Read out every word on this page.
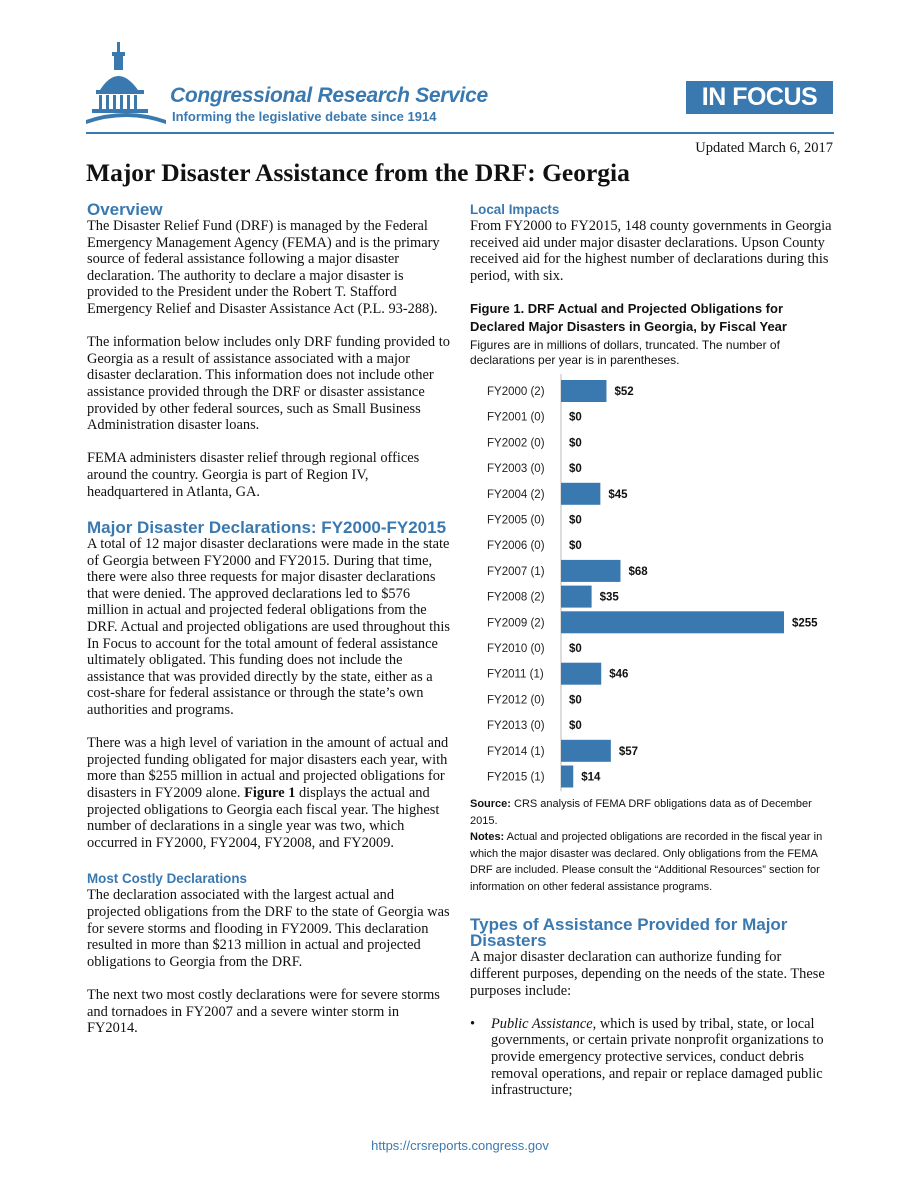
Congressional Research Service
Informing the legislative debate since 1914
IN FOCUS
Updated March 6, 2017
Major Disaster Assistance from the DRF: Georgia
Overview

The Disaster Relief Fund (DRF) is managed by the Federal Emergency Management Agency (FEMA) and is the primary source of federal assistance following a major disaster declaration. The authority to declare a major disaster is provided to the President under the Robert T. Stafford Emergency Relief and Disaster Assistance Act (P.L. 93-288).

The information below includes only DRF funding provided to Georgia as a result of assistance associated with a major disaster declaration. This information does not include other assistance provided through the DRF or disaster assistance provided by other federal sources, such as Small Business Administration disaster loans.

FEMA administers disaster relief through regional offices around the country. Georgia is part of Region IV, headquartered in Atlanta, GA.

Major Disaster Declarations: FY2000-FY2015

A total of 12 major disaster declarations were made in the state of Georgia between FY2000 and FY2015. During that time, there were also three requests for major disaster declarations that were denied. The approved declarations led to $576 million in actual and projected federal obligations from the DRF. Actual and projected obligations are used throughout this In Focus to account for the total amount of federal assistance ultimately obligated. This funding does not include the assistance that was provided directly by the state, either as a cost-share for federal assistance or through the state’s own authorities and programs.

There was a high level of variation in the amount of actual and projected funding obligated for major disasters each year, with more than $255 million in actual and projected obligations for disasters in FY2009 alone. Figure 1 displays the actual and projected obligations to Georgia each fiscal year. The highest number of declarations in a single year was two, which occurred in FY2000, FY2004, FY2008, and FY2009.

Most Costly Declarations

The declaration associated with the largest actual and projected obligations from the DRF to the state of Georgia was for severe storms and flooding in FY2009. This declaration resulted in more than $213 million in actual and projected obligations to Georgia from the DRF.

The next two most costly declarations were for severe storms and tornadoes in FY2007 and a severe winter storm in FY2014.

Local Impacts

From FY2000 to FY2015, 148 county governments in Georgia received aid under major disaster declarations. Upson County received aid for the highest number of declarations during this period, with six.

Figure 1. DRF Actual and Projected Obligations for Declared Major Disasters in Georgia, by Fiscal Year
Figures are in millions of dollars, truncated. The number of declarations per year is in parentheses.
FY2000 (2)	$52
FY2001 (0) $0
FY2002 (0) $0
FY2003 (0) $0
FY2004 (2)	$45
FY2005 (0) $0
FY2006 (0) $0
FY2007 (1)	$68
FY2008 (2)	$35
FY2009 (2)	$255
FY2010 (0) $0
FY2011 (1)	$46
FY2012 (0) $0
FY2013 (0) $0
FY2014 (1)	$57
FY2015 (1)	$14
Source: CRS analysis of FEMA DRF obligations data as of December 2015.
Notes: Actual and projected obligations are recorded in the fiscal year in which the major disaster was declared. Only obligations from the FEMA DRF are included. Please consult the “Additional Resources” section for information on other federal assistance programs.
Types of Assistance Provided for Major Disasters

A major disaster declaration can authorize funding for different purposes, depending on the needs of the state. These purposes include:

• Public Assistance, which is used by tribal, state, or local governments, or certain private nonprofit organizations to provide emergency protective services, conduct debris removal operations, and repair or replace damaged public infrastructure;
https://crsreports.congress.gov
